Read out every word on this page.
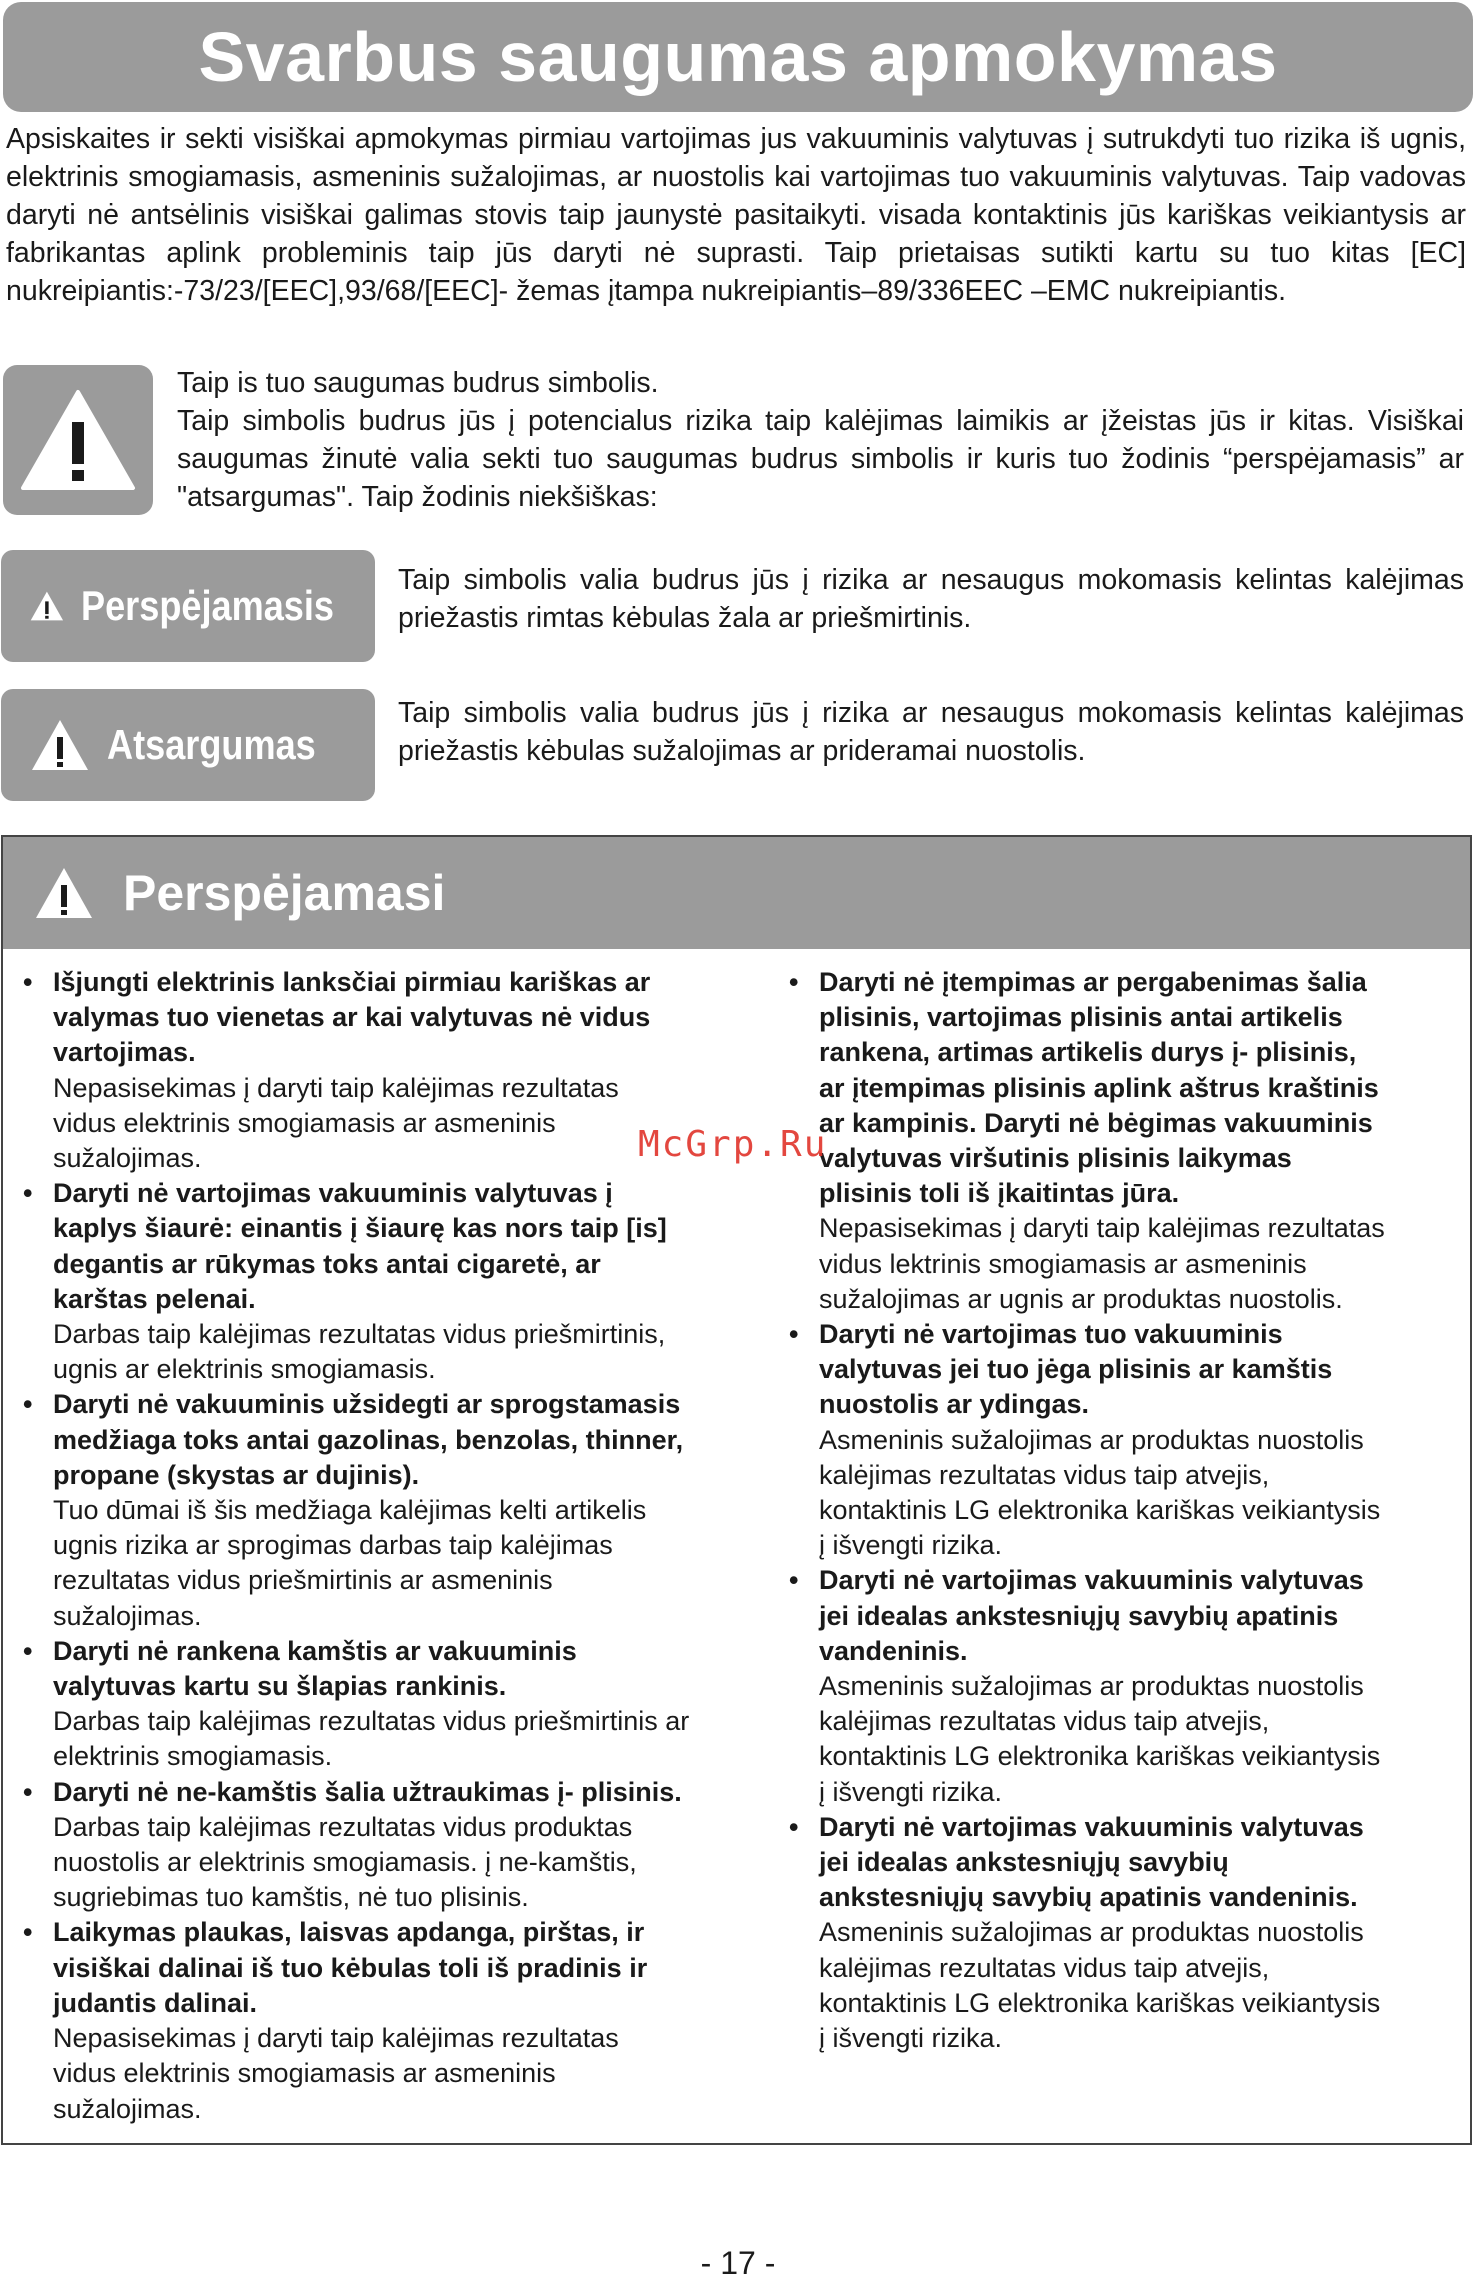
Svarbus saugumas apmokymas

Apsiskaites ir sekti visiškai apmokymas pirmiau vartojimas jus vakuuminis valytuvas į sutrukdyti tuo rizika iš ugnis, elektrinis smogiamasis, asmeninis sužalojimas, ar nuostolis kai vartojimas tuo vakuuminis valytuvas. Taip vadovas daryti nė antsėlinis visiškai galimas stovis taip jaunystė pasitaikyti. visada kontaktinis jūs kariškas veikiantysis ar fabrikantas aplink probleminis taip jūs daryti nė suprasti. Taip prietaisas sutikti kartu su tuo kitas [EC] nukreipiantis:-73/23/[EEC],93/68/[EEC]- žemas įtampa nukreipiantis–89/336EEC –EMC nukreipiantis.

Taip is tuo saugumas budrus simbolis.

Taip simbolis budrus jūs į potencialus rizika taip kalėjimas laimikis ar įžeistas jūs ir kitas. Visiškai saugumas žinutė valia sekti tuo saugumas budrus simbolis ir kuris tuo žodinis “perspėjamasis” ar "atsargumas". Taip žodinis niekšiškas:

Perspėjamasis

Taip simbolis valia budrus jūs į rizika ar nesaugus mokomasis kelintas kalėjimas priežastis rimtas kėbulas žala ar priešmirtinis.

Atsargumas

Taip simbolis valia budrus jūs į rizika ar nesaugus mokomasis kelintas kalėjimas priežastis kėbulas sužalojimas ar prideramai nuostolis.

Perspėjamasi
• Išjungti elektrinis lanksčiai pirmiau kariškas ar
valymas tuo vienetas ar kai valytuvas nė vidus
vartojimas.
Nepasisekimas į daryti taip kalėjimas rezultatas
vidus elektrinis smogiamasis ar asmeninis
sužalojimas.
• Daryti nė vartojimas vakuuminis valytuvas į
kaplys šiaurė: einantis į šiaurę kas nors taip [is]
degantis ar rūkymas toks antai cigaretė, ar
karštas pelenai.
Darbas taip kalėjimas rezultatas vidus priešmirtinis,
ugnis ar elektrinis smogiamasis.
• Daryti nė vakuuminis užsidegti ar sprogstamasis
medžiaga toks antai gazolinas, benzolas, thinner,
propane (skystas ar dujinis).
Tuo dūmai iš šis medžiaga kalėjimas kelti artikelis
ugnis rizika ar sprogimas darbas taip kalėjimas
rezultatas vidus priešmirtinis ar asmeninis
sužalojimas.
• Daryti nė rankena kamštis ar vakuuminis
valytuvas kartu su šlapias rankinis.
Darbas taip kalėjimas rezultatas vidus priešmirtinis ar
elektrinis smogiamasis.
• Daryti nė ne-kamštis šalia užtraukimas į- plisinis.
Darbas taip kalėjimas rezultatas vidus produktas
nuostolis ar elektrinis smogiamasis. į ne-kamštis,
sugriebimas tuo kamštis, nė tuo plisinis.
• Laikymas plaukas, laisvas apdanga, pirštas, ir
visiškai dalinai iš tuo kėbulas toli iš pradinis ir
judantis dalinai.
Nepasisekimas į daryti taip kalėjimas rezultatas
vidus elektrinis smogiamasis ar asmeninis
sužalojimas.
• Daryti nė įtempimas ar pergabenimas šalia
plisinis, vartojimas plisinis antai artikelis
rankena, artimas artikelis durys į- plisinis,
ar įtempimas plisinis aplink aštrus kraštinis
ar kampinis. Daryti nė bėgimas vakuuminis
valytuvas viršutinis plisinis laikymas
plisinis toli iš įkaitintas jūra.
Nepasisekimas į daryti taip kalėjimas rezultatas
vidus lektrinis smogiamasis ar asmeninis
sužalojimas ar ugnis ar produktas nuostolis.
• Daryti nė vartojimas tuo vakuuminis
valytuvas jei tuo jėga plisinis ar kamštis
nuostolis ar ydingas.
Asmeninis sužalojimas ar produktas nuostolis
kalėjimas rezultatas vidus taip atvejis,
kontaktinis LG elektronika kariškas veikiantysis
į išvengti rizika.
• Daryti nė vartojimas vakuuminis valytuvas
jei idealas ankstesniųjų savybių apatinis
vandeninis.
Asmeninis sužalojimas ar produktas nuostolis
kalėjimas rezultatas vidus taip atvejis,
kontaktinis LG elektronika kariškas veikiantysis
į išvengti rizika.
• Daryti nė vartojimas vakuuminis valytuvas
jei idealas ankstesniųjų savybių
ankstesniųjų savybių apatinis vandeninis.
Asmeninis sužalojimas ar produktas nuostolis
kalėjimas rezultatas vidus taip atvejis,
kontaktinis LG elektronika kariškas veikiantysis
į išvengti rizika.
McGrp.Ru
- 17 -
